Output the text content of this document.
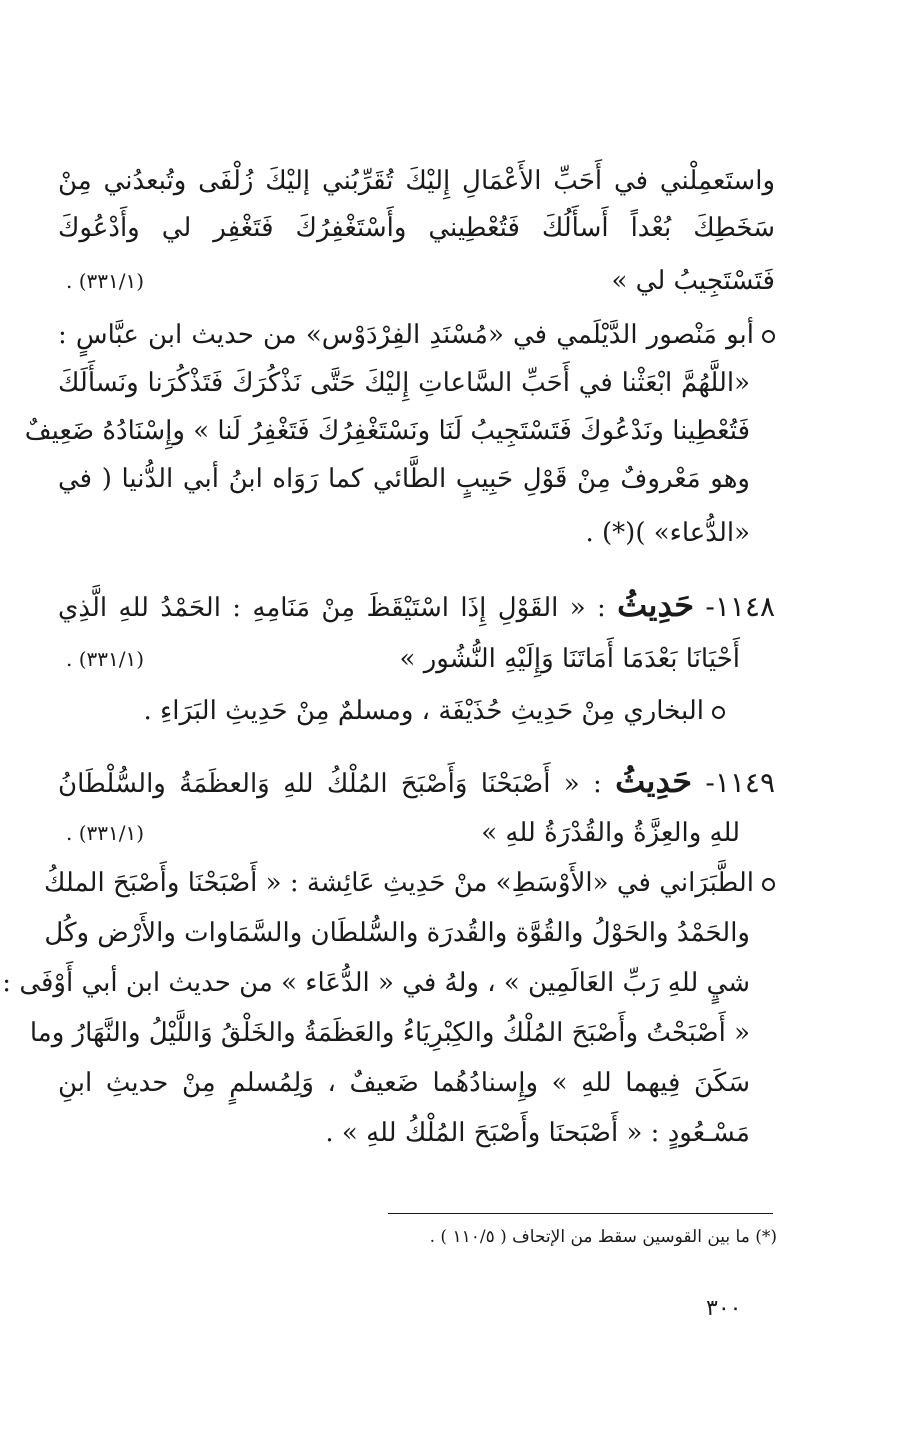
واستَعمِلْني في أَحَبِّ الأَعْمَالِ إِليْكَ تُقَرِّبُني إليْكَ زُلْفَى وتُبعدُني مِنْ
سَخَطِكَ بُعْداً أَسأَلُكَ فَتُعْطِيني وأَسْتَغْفِرُكَ فَتَغْفِر لي وأَدْعُوكَ
فَتَسْتَجِيبُ لي »
(٣٣١/١) .
أبو مَنْصور الدَّيْلَمي في «مُسْنَدِ الفِرْدَوْس» من حديث ابن عبَّاسٍ :
«اللَّهُمَّ ابْعَثْنا في أَحَبِّ السَّاعاتِ إِليْكَ حَتَّى نَذْكُرَكَ فَتَذْكُرَنا ونَسأَلَكَ
فَتُعْطِينا ونَدْعُوكَ فَتَسْتَجِيبُ لَنَا ونَسْتَغْفِرُكَ فَتَغْفِرُ لَنا » وإِسْنَادُهُ ضَعِيفٌ
وهو مَعْروفٌ مِنْ قَوْلِ حَبِيبٍ الطَّائي كما رَوَاه ابنُ أبي الدُّنيا ( في
«الدُّعاء» )(*) .
١١٤٨- حَدِيثُ : « القَوْلِ إِذَا اسْتَيْقَظَ مِنْ مَنَامِهِ : الحَمْدُ للهِ الَّذِي
أَحْيَانَا بَعْدَمَا أَمَاتَنَا وَإِلَيْهِ النُّشُور »
(٣٣١/١) .
البخاري مِنْ حَدِيثِ حُذَيْفَة ، ومسلمٌ مِنْ حَدِيثِ البَرَاءِ .
١١٤٩- حَدِيثُ : « أَصْبَحْنَا وَأَصْبَحَ المُلْكُ للهِ وَالعظَمَةُ والسُّلْطَانُ
للهِ والعِزَّةُ والقُدْرَةُ للهِ »
(٣٣١/١) .
الطَّبَرَاني في «الأَوْسَطِ» منْ حَدِيثِ عَائِشة : « أَصْبَحْنَا وأَصْبَحَ الملكُ
والحَمْدُ والحَوْلُ والقُوَّة والقُدرَة والسُّلطَان والسَّمَاوات والأَرْض وكُل
شيٍ للهِ رَبِّ العَالَمِين » ، ولهُ في « الدُّعَاء » من حديث ابن أبي أَوْفَى :
« أَصْبَحْتُ وأَصْبَحَ المُلْكُ والكِبْرِيَاءُ والعَظَمَةُ والخَلْقُ وَاللَّيْلُ والنَّهَارُ وما
سَكَنَ فِيهما للهِ » وإِسنادُهُما ضَعيفٌ ، وَلِمُسلمٍ مِنْ حديثِ ابنِ
مَسْـعُودٍ : « أَصْبَحنَا وأَصْبَحَ المُلْكُ للهِ » .
(*) ما بين القوسين سقط من الإتحاف ( ١١٠/٥ ) .
٣٠٠
